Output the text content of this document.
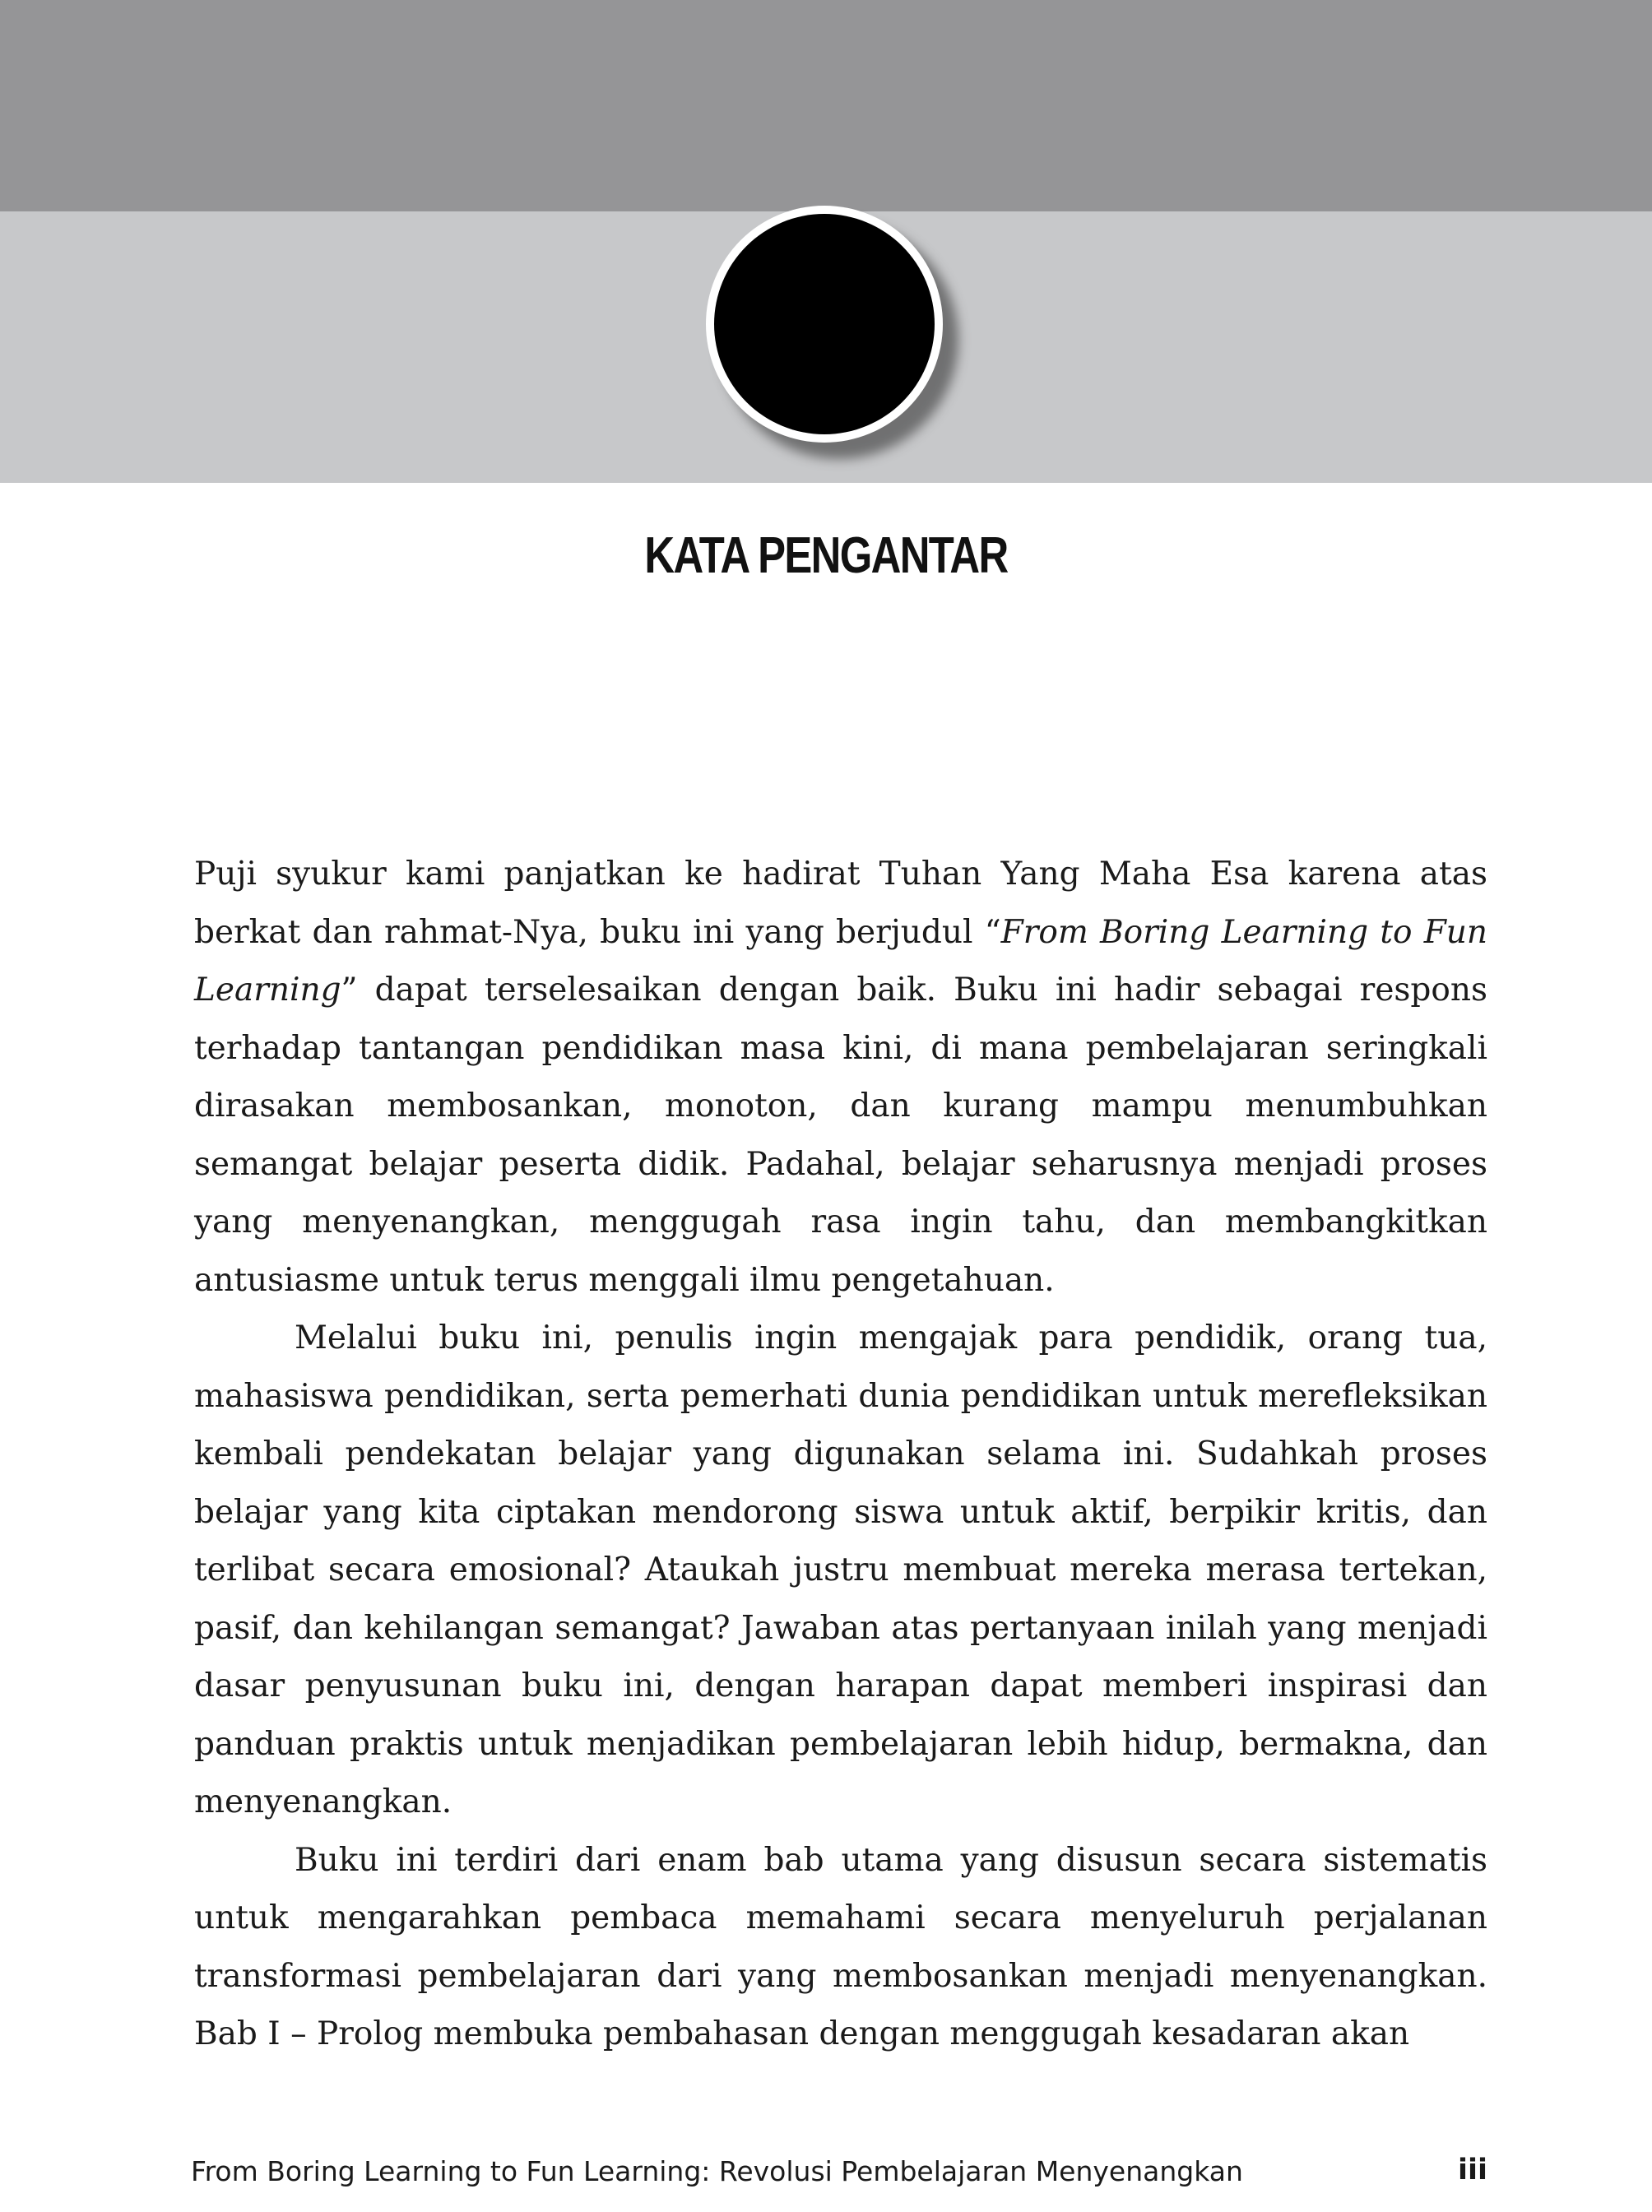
KATA PENGANTAR

Puji syukur kami panjatkan ke hadirat Tuhan Yang Maha Esa karena atas berkat dan rahmat-Nya, buku ini yang berjudul “From Boring Learning to Fun Learning” dapat terselesaikan dengan baik. Buku ini hadir sebagai respons terhadap tantangan pendidikan masa kini, di mana pembelajaran seringkali dirasakan membosankan, monoton, dan kurang mampu menumbuhkan semangat belajar peserta didik. Padahal, belajar seharusnya menjadi proses yang menyenangkan, menggugah rasa ingin tahu, dan membangkitkan antusiasme untuk terus menggali ilmu pengetahuan.

Melalui buku ini, penulis ingin mengajak para pendidik, orang tua, mahasiswa pendidikan, serta pemerhati dunia pendidikan untuk merefleksikan kembali pendekatan belajar yang digunakan selama ini. Sudahkah proses belajar yang kita ciptakan mendorong siswa untuk aktif, berpikir kritis, dan terlibat secara emosional? Ataukah justru membuat mereka merasa tertekan, pasif, dan kehilangan semangat? Jawaban atas pertanyaan inilah yang menjadi dasar penyusunan buku ini, dengan harapan dapat memberi inspirasi dan panduan praktis untuk menjadikan pembelajaran lebih hidup, bermakna, dan menyenangkan.

Buku ini terdiri dari enam bab utama yang disusun secara sistematis untuk mengarahkan pembaca memahami secara menyeluruh perjalanan transformasi pembelajaran dari yang membosankan menjadi menyenangkan. Bab I – Prolog membuka pembahasan dengan menggugah kesadaran akan

From Boring Learning to Fun Learning: Revolusi Pembelajaran Menyenangkan	iii
